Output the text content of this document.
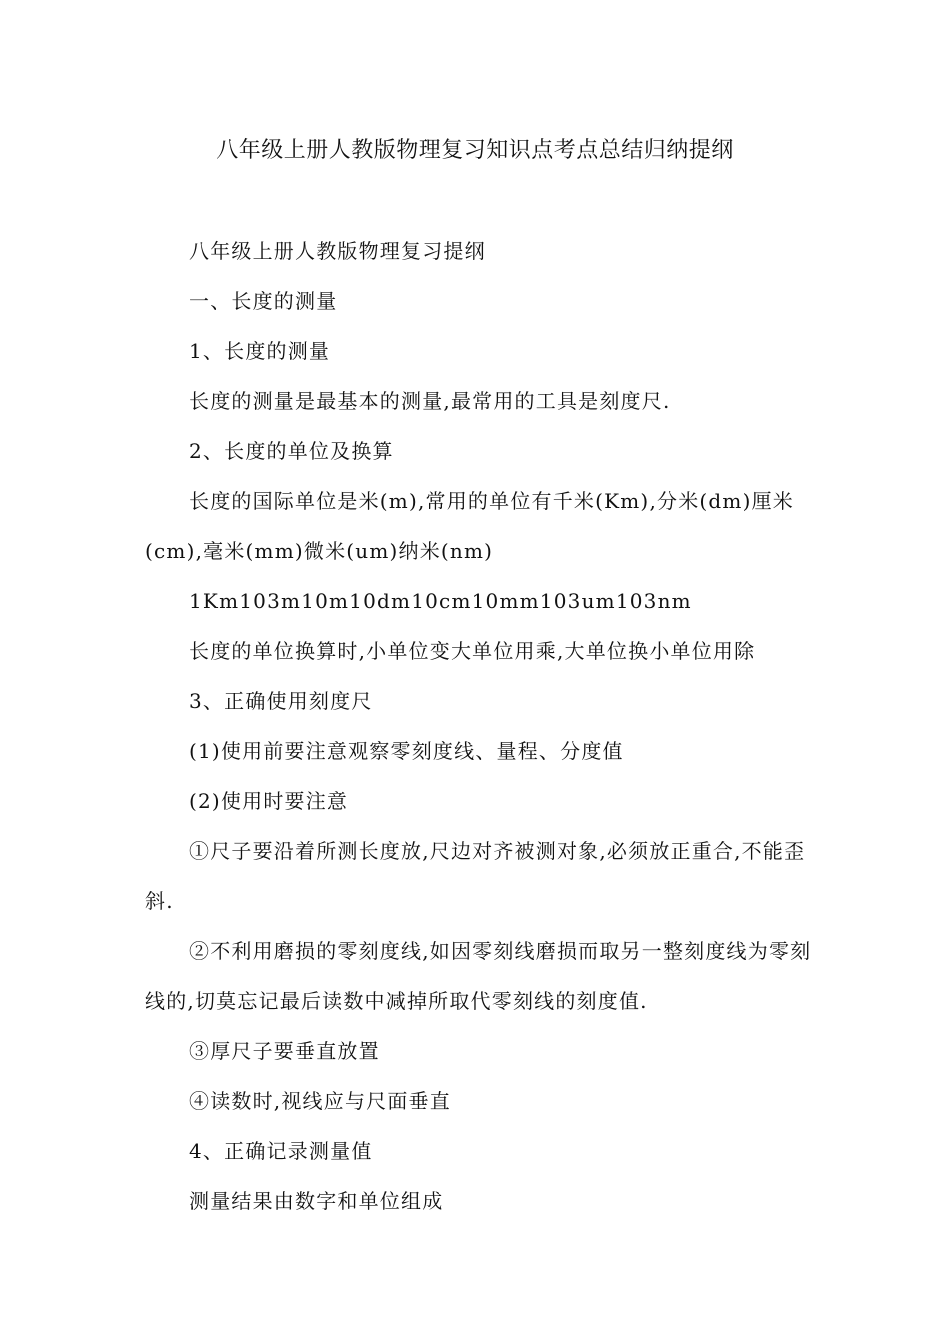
八年级上册人教版物理复习知识点考点总结归纳提纲

八年级上册人教版物理复习提纲

一、长度的测量

1、长度的测量

长度的测量是最基本的测量,最常用的工具是刻度尺.

2、长度的单位及换算

长度的国际单位是米(m),常用的单位有千米(Km),分米(dm)厘米(cm),毫米(mm)微米(um)纳米(nm)

1Km103m10m10dm10cm10mm103um103nm

长度的单位换算时,小单位变大单位用乘,大单位换小单位用除

3、正确使用刻度尺

(1)使用前要注意观察零刻度线、量程、分度值

(2)使用时要注意

①尺子要沿着所测长度放,尺边对齐被测对象,必须放正重合,不能歪斜.

②不利用磨损的零刻度线,如因零刻线磨损而取另一整刻度线为零刻线的,切莫忘记最后读数中减掉所取代零刻线的刻度值.

③厚尺子要垂直放置

④读数时,视线应与尺面垂直

4、正确记录测量值

测量结果由数字和单位组成
